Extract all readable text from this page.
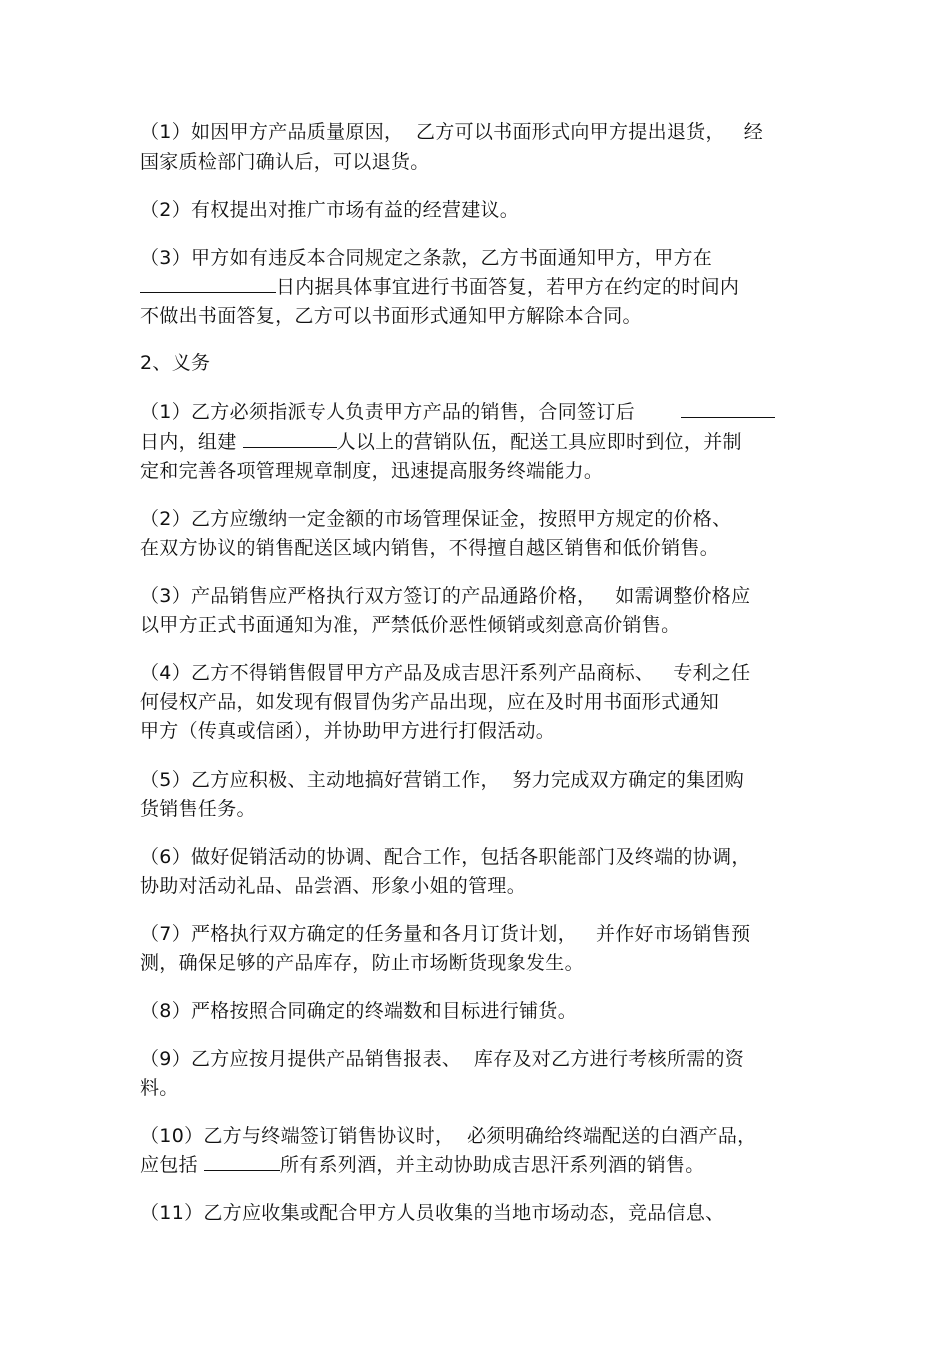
（1）如因甲方产品质量原因，  乙方可以书面形式向甲方提出退货，   经
国家质检部门确认后，可以退货。
（2）有权提出对推广市场有益的经营建议。
（3）甲方如有违反本合同规定之条款，乙方书面通知甲方，甲方在
日内据具体事宜进行书面答复，若甲方在约定的时间内
不做出书面答复，乙方可以书面形式通知甲方解除本合同。
2、义务
（1）乙方必须指派专人负责甲方产品的销售，合同签订后
日内，组建	人以上的营销队伍，配送工具应即时到位，并制
定和完善各项管理规章制度，迅速提高服务终端能力。
（2）乙方应缴纳一定金额的市场管理保证金，按照甲方规定的价格、
在双方协议的销售配送区域内销售，不得擅自越区销售和低价销售。
（3）产品销售应严格执行双方签订的产品通路价格，   如需调整价格应
以甲方正式书面通知为准，严禁低价恶性倾销或刻意高价销售。
（4）乙方不得销售假冒甲方产品及成吉思汗系列产品商标、   专利之任
何侵权产品，如发现有假冒伪劣产品出现，应在及时用书面形式通知
甲方（传真或信函），并协助甲方进行打假活动。
（5）乙方应积极、主动地搞好营销工作，  努力完成双方确定的集团购
货销售任务。
（6）做好促销活动的协调、配合工作，包括各职能部门及终端的协调，
协助对活动礼品、品尝酒、形象小姐的管理。
（7）严格执行双方确定的任务量和各月订货计划，   并作好市场销售预
测，确保足够的产品库存，防止市场断货现象发生。
（8）严格按照合同确定的终端数和目标进行铺货。
（9）乙方应按月提供产品销售报表、  库存及对乙方进行考核所需的资
料。
（10）乙方与终端签订销售协议时，  必须明确给终端配送的白酒产品，
应包括	所有系列酒，并主动协助成吉思汗系列酒的销售。
（11）乙方应收集或配合甲方人员收集的当地市场动态，竞品信息、
